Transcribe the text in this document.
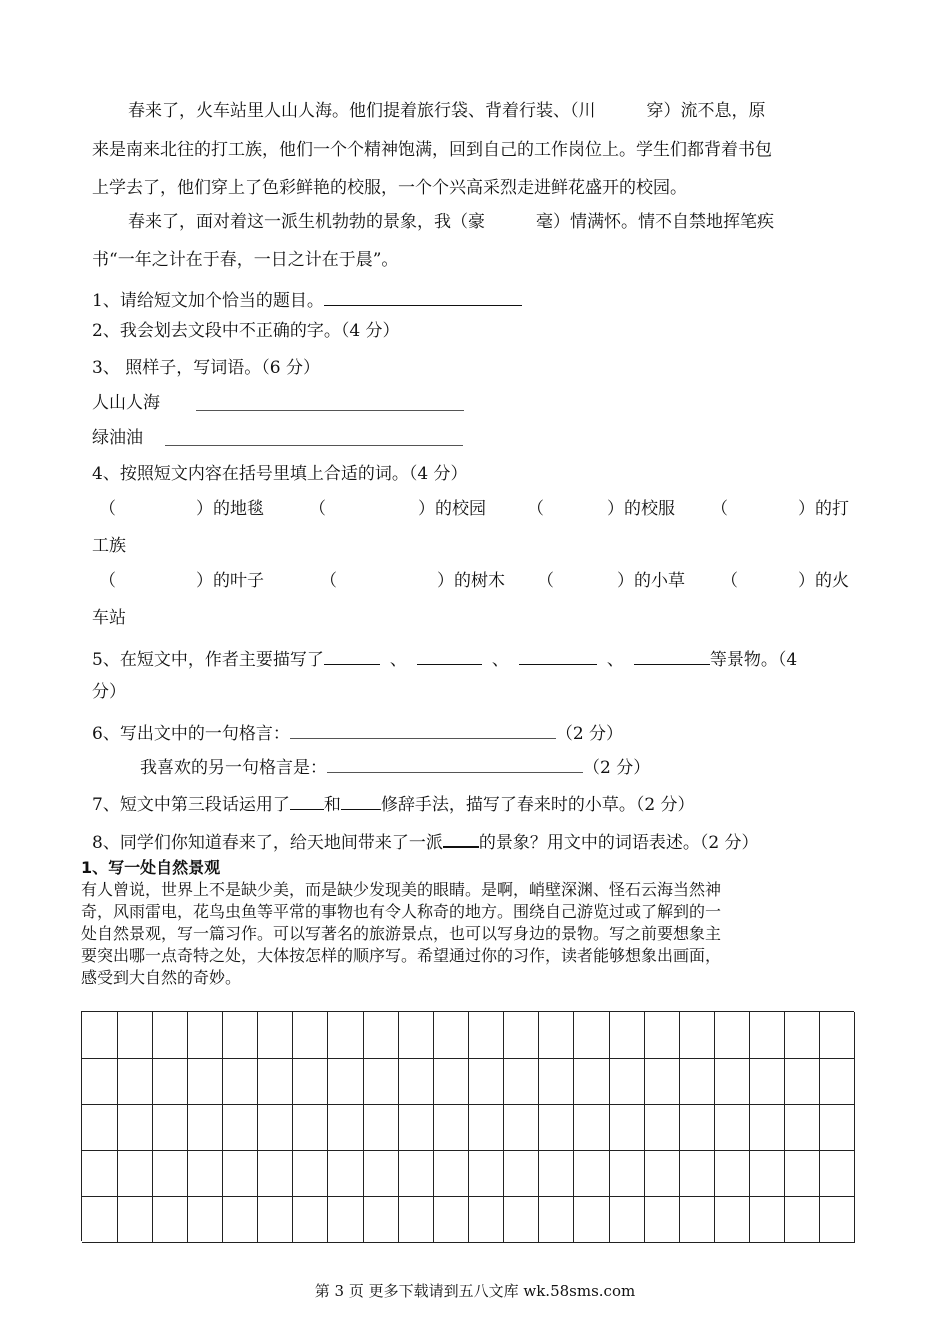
春来了，火车站里人山人海。他们提着旅行袋、背着行装、（川　　　穿）流不息，原
来是南来北往的打工族，他们一个个精神饱满，回到自己的工作岗位上。学生们都背着书包
上学去了，他们穿上了色彩鲜艳的校服，一个个兴高采烈走进鲜花盛开的校园。
春来了，面对着这一派生机勃勃的景象，我（豪　　　毫）情满怀。情不自禁地挥笔疾
书“一年之计在于春，一日之计在于晨”。
1、请给短文加个恰当的题目。
2、我会划去文段中不正确的字。（4 分）
3、 照样子，写词语。（6 分）
人山人海
绿油油
4、按照短文内容在括号里填上合适的词。（4 分）
（	）的地毯	（	）的校园 （	）的校服 （	）的打
工族
（	）的叶子	（	）的树木 （	）的小草 （	）的火
车站
5、在短文中，作者主要描写了	、	、	、	等景物。（4
分）
6、写出文中的一句格言：	（2 分）
我喜欢的另一句格言是：	（2 分）
7、短文中第三段话运用了 和 修辞手法，描写了春来时的小草。（2 分）
8、同学们你知道春来了，给天地间带来了一派 的景象？用文中的词语表述。（2 分）
1、写一处自然景观
有人曾说，世界上不是缺少美，而是缺少发现美的眼睛。是啊，峭壁深渊、怪石云海当然神
奇，风雨雷电，花鸟虫鱼等平常的事物也有令人称奇的地方。围绕自己游览过或了解到的一
处自然景观，写一篇习作。可以写著名的旅游景点，也可以写身边的景物。写之前要想象主
要突出哪一点奇特之处，大体按怎样的顺序写。希望通过你的习作，读者能够想象出画面，
感受到大自然的奇妙。
第 3 页 更多下载请到五八文库 wk.58sms.com
